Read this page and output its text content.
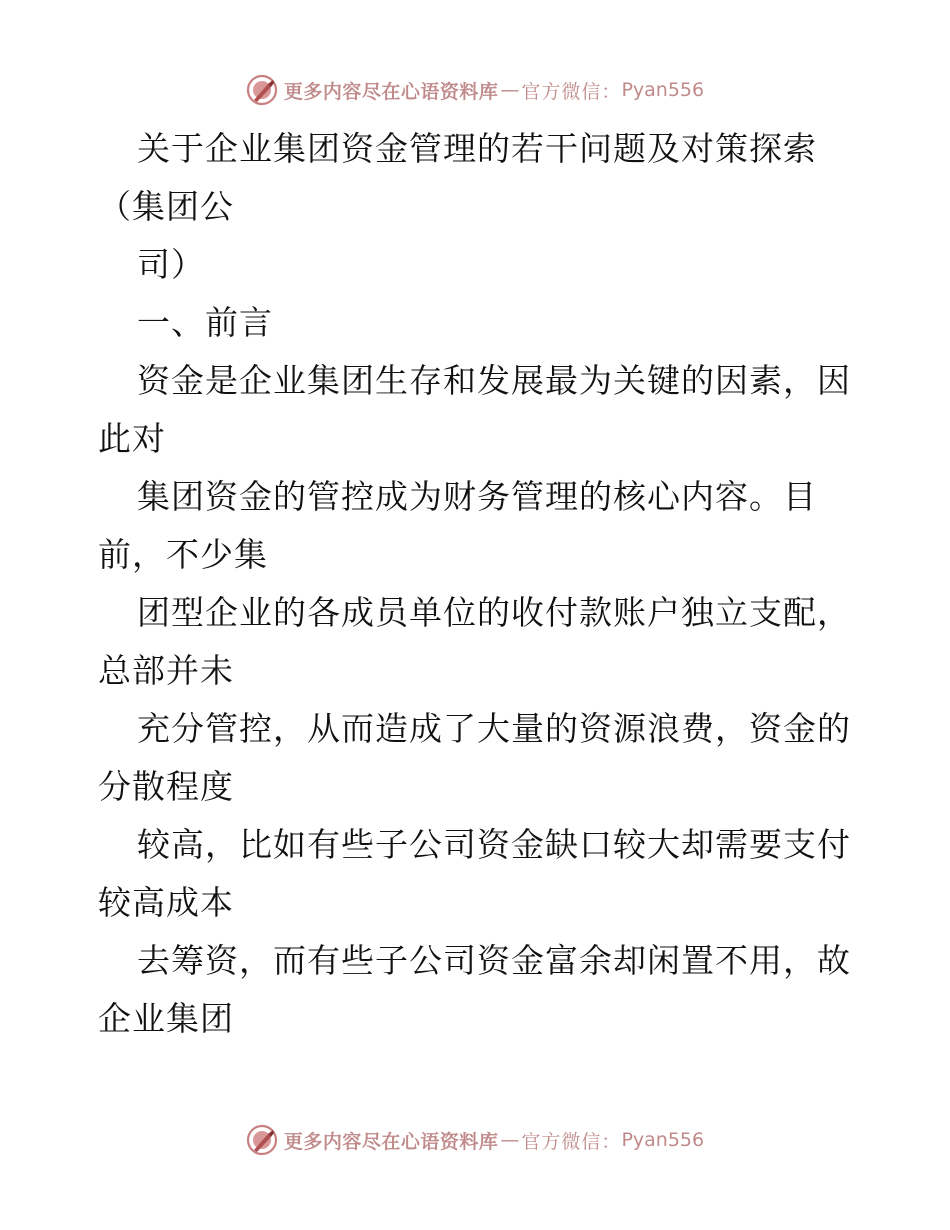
更多内容尽在心语资料库 — 官方微信： Pyan556
关于企业集团资金管理的若干问题及对策探索
（集团公
司）
一、前言
资金是企业集团生存和发展最为关键的因素，因
此对
集团资金的管控成为财务管理的核心内容。目
前，不少集
团型企业的各成员单位的收付款账户独立支配，
总部并未
充分管控，从而造成了大量的资源浪费，资金的
分散程度
较高，比如有些子公司资金缺口较大却需要支付
较高成本
去筹资，而有些子公司资金富余却闲置不用，故
企业集团
更多内容尽在心语资料库 — 官方微信： Pyan556
